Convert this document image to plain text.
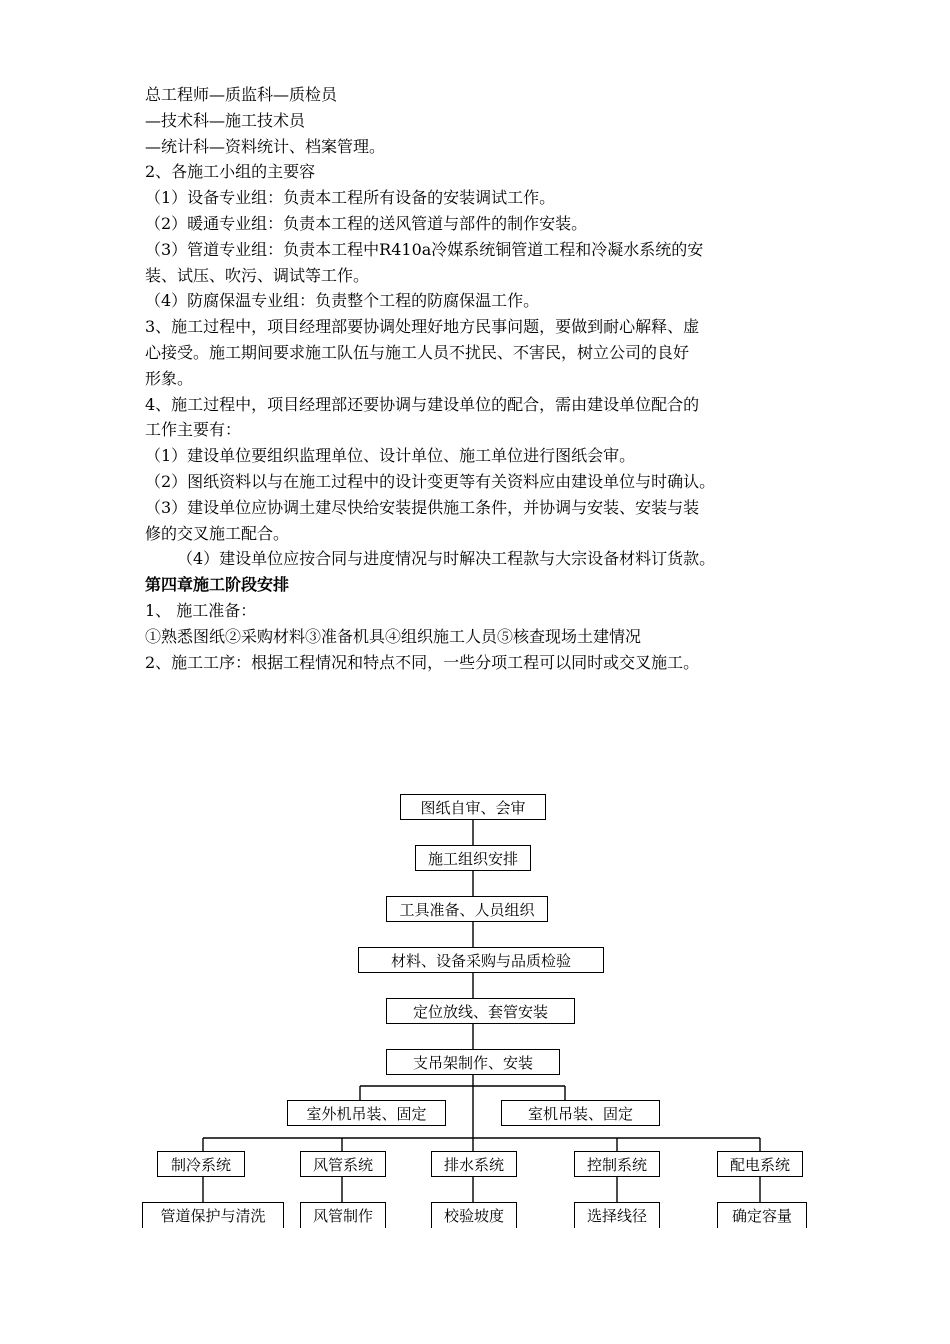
总工程师—质监科—质检员
—技术科—施工技术员
—统计科—资料统计、档案管理。
2、各施工小组的主要容
（1）设备专业组：负责本工程所有设备的安装调试工作。
（2）暖通专业组：负责本工程的送风管道与部件的制作安装。
（3）管道专业组：负责本工程中R410a冷媒系统铜管道工程和冷凝水系统的安
装、试压、吹污、调试等工作。
（4）防腐保温专业组：负责整个工程的防腐保温工作。
3、施工过程中，项目经理部要协调处理好地方民事问题，要做到耐心解释、虚
心接受。施工期间要求施工队伍与施工人员不扰民、不害民，树立公司的良好
形象。
4、施工过程中，项目经理部还要协调与建设单位的配合，需由建设单位配合的
工作主要有：
（1）建设单位要组织监理单位、设计单位、施工单位进行图纸会审。
（2）图纸资料以与在施工过程中的设计变更等有关资料应由建设单位与时确认。
（3）建设单位应协调土建尽快给安装提供施工条件，并协调与安装、安装与装
修的交叉施工配合。
（4）建设单位应按合同与进度情况与时解决工程款与大宗设备材料订货款。
第四章施工阶段安排
1、 施工准备：
①熟悉图纸②采购材料③准备机具④组织施工人员⑤核查现场土建情况
2、施工工序：根据工程情况和特点不同，一些分项工程可以同时或交叉施工。
图纸自审、会审
施工组织安排
工具准备、人员组织
材料、设备采购与品质检验
定位放线、套管安装
支吊架制作、安装
室外机吊装、固定	室机吊装、固定
制冷系统	风管系统	排水系统	控制系统	配电系统
管道保护与清洗	风管制作	校验坡度	选择线径	确定容量
